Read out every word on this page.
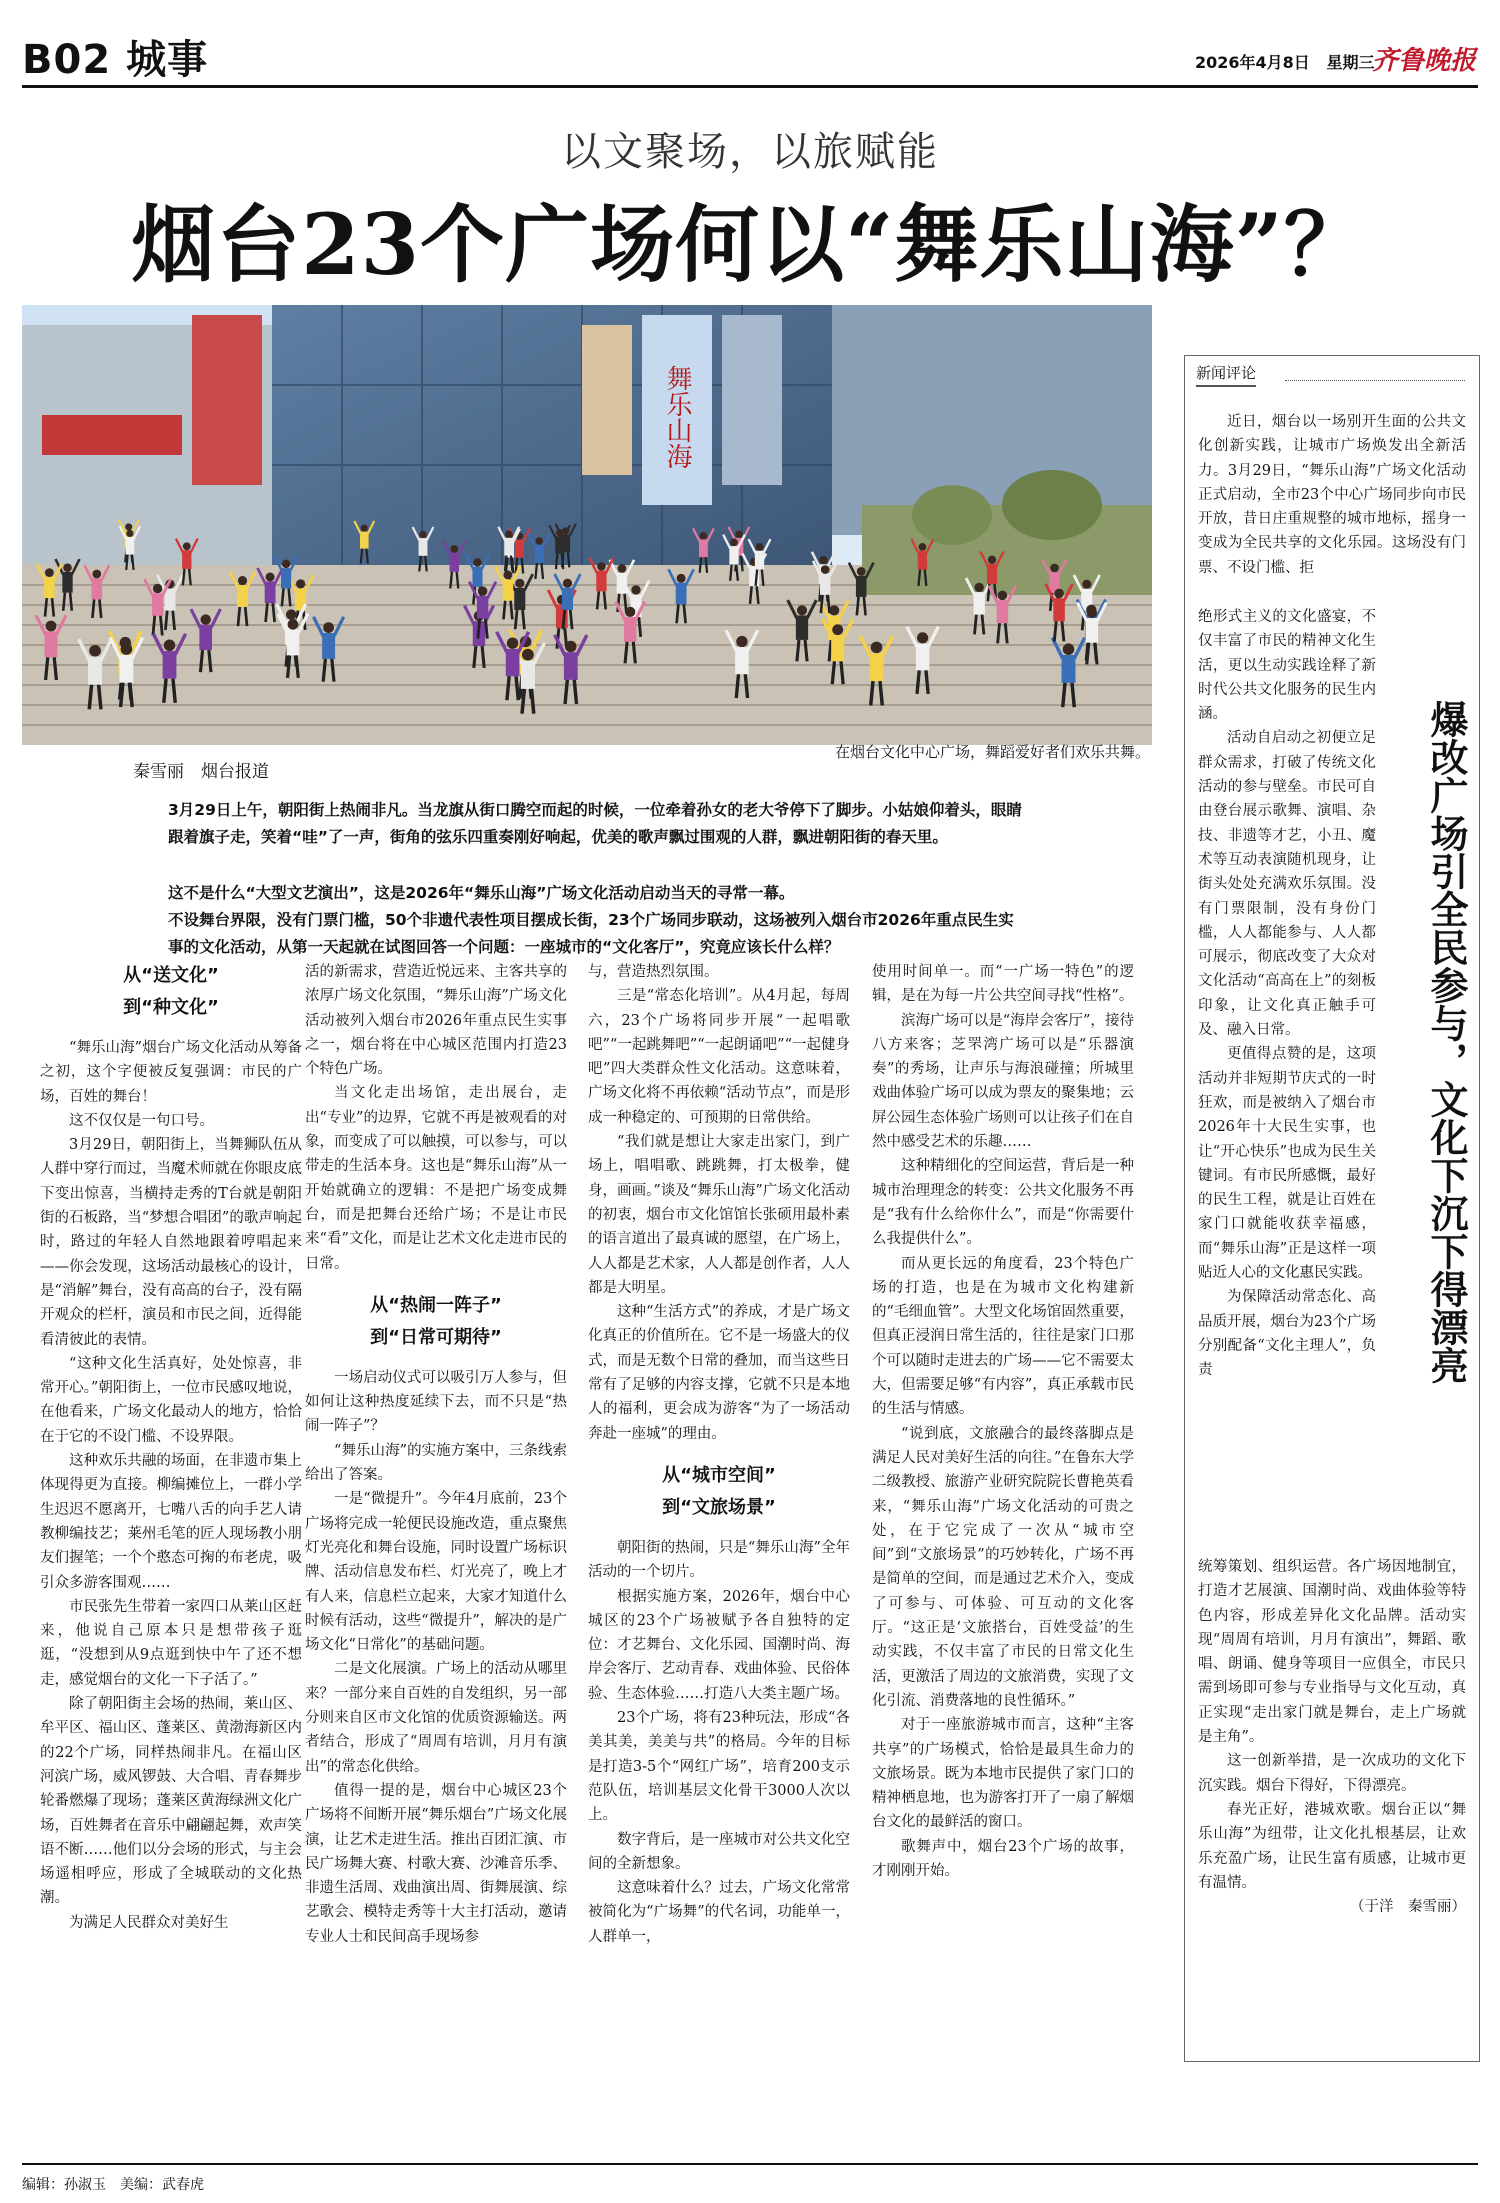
B02 城事	2026年4月8日 星期三
齐鲁晚报
以文聚场，以旅赋能
烟台23个广场何以“舞乐山海”？
舞乐山海
在烟台文化中心广场，舞蹈爱好者们欢乐共舞。
秦雪丽　烟台报道

3月29日上午，朝阳街上热闹非凡。当龙旗从街口腾空而起的时候，一位牵着孙女的老大爷停下了脚步。小姑娘仰着头，眼睛跟着旗子走，笑着“哇”了一声，街角的弦乐四重奏刚好响起，优美的歌声飘过围观的人群，飘进朝阳街的春天里。

这不是什么“大型文艺演出”，这是2026年“舞乐山海”广场文化活动启动当天的寻常一幕。

不设舞台界限，没有门票门槛，50个非遗代表性项目摆成长街，23个广场同步联动，这场被列入烟台市2026年重点民生实事的文化活动，从第一天起就在试图回答一个问题：一座城市的“文化客厅”，究竟应该长什么样？

从“送文化”
到“种文化”

“舞乐山海”烟台广场文化活动从筹备之初，这个字便被反复强调：市民的广场，百姓的舞台！

这不仅仅是一句口号。

3月29日，朝阳街上，当舞狮队伍从人群中穿行而过，当魔术师就在你眼皮底下变出惊喜，当横持走秀的T台就是朝阳街的石板路，当“梦想合唱团”的歌声响起时，路过的年轻人自然地跟着哼唱起来——你会发现，这场活动最核心的设计，是“消解”舞台，没有高高的台子，没有隔开观众的栏杆，演员和市民之间，近得能看清彼此的表情。

“这种文化生活真好，处处惊喜，非常开心。”朝阳街上，一位市民感叹地说，在他看来，广场文化最动人的地方，恰恰在于它的不设门槛、不设界限。

这种欢乐共融的场面，在非遗市集上体现得更为直接。柳编摊位上，一群小学生迟迟不愿离开，七嘴八舌的向手艺人请教柳编技艺；莱州毛笔的匠人现场教小朋友们握笔；一个个憨态可掬的布老虎，吸引众多游客围观……

市民张先生带着一家四口从莱山区赶来，他说自己原本只是想带孩子逛逛，“没想到从9点逛到快中午了还不想走，感觉烟台的文化一下子活了。”

除了朝阳街主会场的热闹，莱山区、牟平区、福山区、蓬莱区、黄渤海新区内的22个广场，同样热闹非凡。在福山区河滨广场，威风锣鼓、大合唱、青春舞步轮番燃爆了现场；蓬莱区黄海绿洲文化广场，百姓舞者在音乐中翩翩起舞，欢声笑语不断……他们以分会场的形式，与主会场遥相呼应，形成了全城联动的文化热潮。

为满足人民群众对美好生

活的新需求，营造近悦远来、主客共享的浓厚广场文化氛围，“舞乐山海”广场文化活动被列入烟台市2026年重点民生实事之一，烟台将在中心城区范围内打造23个特色广场。

当文化走出场馆，走出展台，走出“专业”的边界，它就不再是被观看的对象，而变成了可以触摸，可以参与，可以带走的生活本身。这也是“舞乐山海”从一开始就确立的逻辑：不是把广场变成舞台，而是把舞台还给广场；不是让市民来“看”文化，而是让艺术文化走进市民的日常。

从“热闹一阵子”
到“日常可期待”

一场启动仪式可以吸引万人参与，但如何让这种热度延续下去，而不只是“热闹一阵子”？

“舞乐山海”的实施方案中，三条线索给出了答案。

一是“微提升”。今年4月底前，23个广场将完成一轮便民设施改造，重点聚焦灯光亮化和舞台设施，同时设置广场标识牌、活动信息发布栏、灯光亮了，晚上才有人来，信息栏立起来，大家才知道什么时候有活动，这些“微提升”，解决的是广场文化“日常化”的基础问题。

二是文化展演。广场上的活动从哪里来？一部分来自百姓的自发组织，另一部分则来自区市文化馆的优质资源输送。两者结合，形成了“周周有培训，月月有演出”的常态化供给。

值得一提的是，烟台中心城区23个广场将不间断开展“舞乐烟台”广场文化展演，让艺术走进生活。推出百团汇演、市民广场舞大赛、村歌大赛、沙滩音乐季、非遗生活周、戏曲演出周、街舞展演、综艺歌会、模特走秀等十大主打活动，邀请专业人士和民间高手现场参

与，营造热烈氛围。

三是“常态化培训”。从4月起，每周六，23个广场将同步开展“一起唱歌吧”“一起跳舞吧”“一起朗诵吧”“一起健身吧”四大类群众性文化活动。这意味着，广场文化将不再依赖“活动节点”，而是形成一种稳定的、可预期的日常供给。

“我们就是想让大家走出家门，到广场上，唱唱歌、跳跳舞，打太极拳，健身，画画。”谈及“舞乐山海”广场文化活动的初衷，烟台市文化馆馆长张硕用最朴素的语言道出了最真诚的愿望，在广场上，人人都是艺术家，人人都是创作者，人人都是大明星。

这种“生活方式”的养成，才是广场文化真正的价值所在。它不是一场盛大的仪式，而是无数个日常的叠加，而当这些日常有了足够的内容支撑，它就不只是本地人的福利，更会成为游客“为了一场活动奔赴一座城”的理由。

从“城市空间”
到“文旅场景”

朝阳街的热闹，只是“舞乐山海”全年活动的一个切片。

根据实施方案，2026年，烟台中心城区的23个广场被赋予各自独特的定位：才艺舞台、文化乐园、国潮时尚、海岸会客厅、艺动青春、戏曲体验、民俗体验、生态体验……打造八大类主题广场。

23个广场，将有23种玩法，形成“各美其美，美美与共”的格局。今年的目标是打造3-5个“网红广场”，培育200支示范队伍，培训基层文化骨干3000人次以上。

数字背后，是一座城市对公共文化空间的全新想象。

这意味着什么？过去，广场文化常常被简化为“广场舞”的代名词，功能单一，人群单一，

使用时间单一。而“一广场一特色”的逻辑，是在为每一片公共空间寻找“性格”。

滨海广场可以是“海岸会客厅”，接待八方来客；芝罘湾广场可以是“乐器演奏”的秀场，让声乐与海浪碰撞；所城里戏曲体验广场可以成为票友的聚集地；云屏公园生态体验广场则可以让孩子们在自然中感受艺术的乐趣……

这种精细化的空间运营，背后是一种城市治理理念的转变：公共文化服务不再是“我有什么给你什么”，而是“你需要什么我提供什么”。

而从更长远的角度看，23个特色广场的打造，也是在为城市文化构建新的“毛细血管”。大型文化场馆固然重要，但真正浸润日常生活的，往往是家门口那个可以随时走进去的广场——它不需要太大，但需要足够“有内容”，真正承载市民的生活与情感。

“说到底，文旅融合的最终落脚点是满足人民对美好生活的向往。”在鲁东大学二级教授、旅游产业研究院院长曹艳英看来，“舞乐山海”广场文化活动的可贵之处，在于它完成了一次从“城市空间”到“文旅场景”的巧妙转化，广场不再是简单的空间，而是通过艺术介入，变成了可参与、可体验、可互动的文化客厅。“这正是‘文旅搭台，百姓受益’的生动实践，不仅丰富了市民的日常文化生活，更激活了周边的文旅消费，实现了文化引流、消费落地的良性循环。”

对于一座旅游城市而言，这种“主客共享”的广场模式，恰恰是最具生命力的文旅场景。既为本地市民提供了家门口的精神栖息地，也为游客打开了一扇了解烟台文化的最鲜活的窗口。

歌舞声中，烟台23个广场的故事，才刚刚开始。

新闻评论

近日，烟台以一场别开生面的公共文化创新实践，让城市广场焕发出全新活力。3月29日，“舞乐山海”广场文化活动正式启动，全市23个中心广场同步向市民开放，昔日庄重规整的城市地标，摇身一变成为全民共享的文化乐园。这场没有门票、不设门槛、拒

绝形式主义的文化盛宴，不仅丰富了市民的精神文化生活，更以生动实践诠释了新时代公共文化服务的民生内涵。

活动自启动之初便立足群众需求，打破了传统文化活动的参与壁垒。市民可自由登台展示歌舞、演唱、杂技、非遗等才艺，小丑、魔术等互动表演随机现身，让街头处处充满欢乐氛围。没有门票限制，没有身份门槛，人人都能参与、人人都可展示，彻底改变了大众对文化活动“高高在上”的刻板印象，让文化真正触手可及、融入日常。

更值得点赞的是，这项活动并非短期节庆式的一时狂欢，而是被纳入了烟台市2026年十大民生实事，也让“开心快乐”也成为民生关键词。有市民所感慨，最好的民生工程，就是让百姓在家门口就能收获幸福感，而“舞乐山海”正是这样一项贴近人心的文化惠民实践。

为保障活动常态化、高品质开展，烟台为23个广场分别配备“文化主理人”，负责	爆改广场引全民参与，文化下沉下得漂亮

统筹策划、组织运营。各广场因地制宜，打造才艺展演、国潮时尚、戏曲体验等特色内容，形成差异化文化品牌。活动实现“周周有培训，月月有演出”，舞蹈、歌唱、朗诵、健身等项目一应俱全，市民只需到场即可参与专业指导与文化互动，真正实现“走出家门就是舞台，走上广场就是主角”。

这一创新举措，是一次成功的文化下沉实践。烟台下得好，下得漂亮。

春光正好，港城欢歌。烟台正以“舞乐山海”为纽带，让文化扎根基层，让欢乐充盈广场，让民生富有质感，让城市更有温情。

（于洋　秦雪丽）

编辑：孙淑玉　美编：武春虎
